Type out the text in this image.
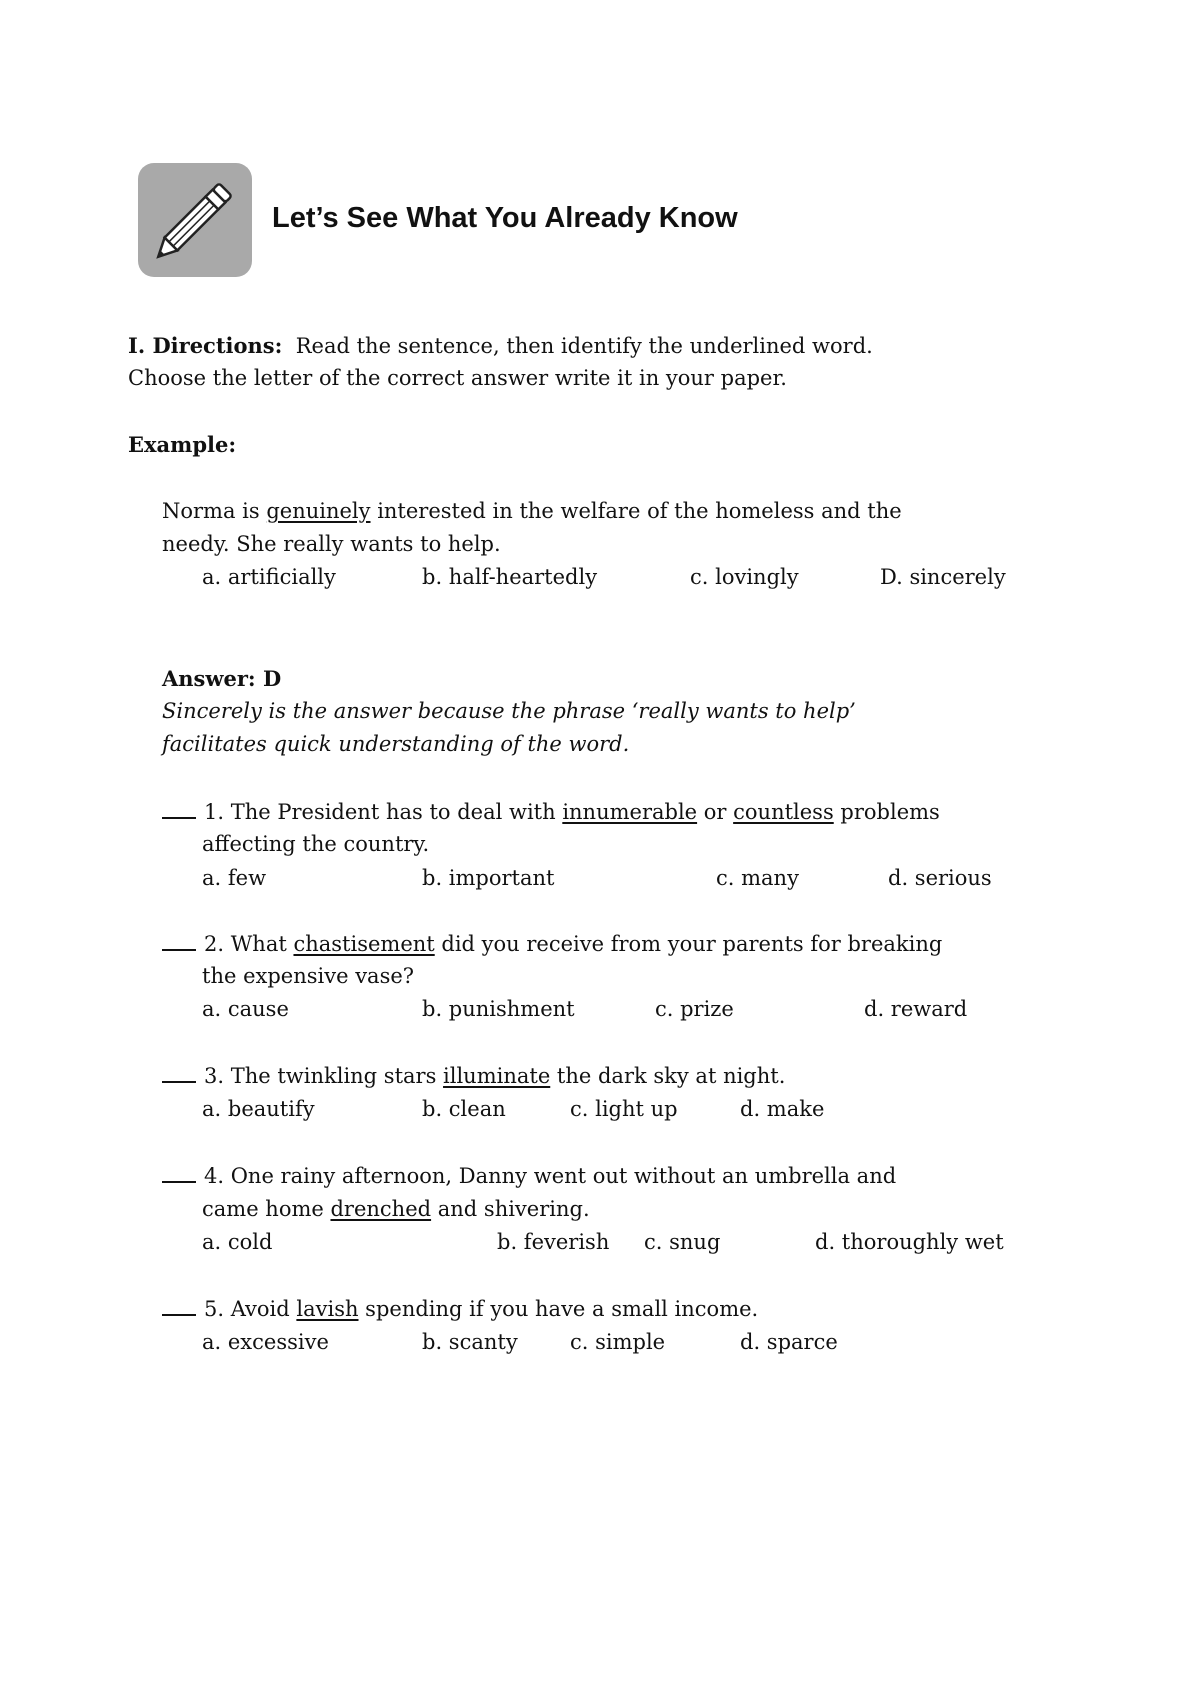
Let’s See What You Already Know
I. Directions: Read the sentence, then identify the underlined word.
Choose the letter of the correct answer write it in your paper.
Example:
Norma is genuinely interested in the welfare of the homeless and the
needy. She really wants to help.
a. artificially	b. half-heartedly	c. lovingly	D. sincerely
Answer: D
Sincerely is the answer because the phrase ‘really wants to help’
facilitates quick understanding of the word.
1. The President has to deal with innumerable or countless problems
affecting the country.
a. few	b. important	c. many	d. serious
2. What chastisement did you receive from your parents for breaking
the expensive vase?
a. cause	b. punishment	c. prize	d. reward
3. The twinkling stars illuminate the dark sky at night.
a. beautify	b. clean	c. light up	d. make
4. One rainy afternoon, Danny went out without an umbrella and
came home drenched and shivering.
a. cold	b. feverish c. snug	d. thoroughly wet
5. Avoid lavish spending if you have a small income.
a. excessive	b. scanty c. simple	d. sparce
